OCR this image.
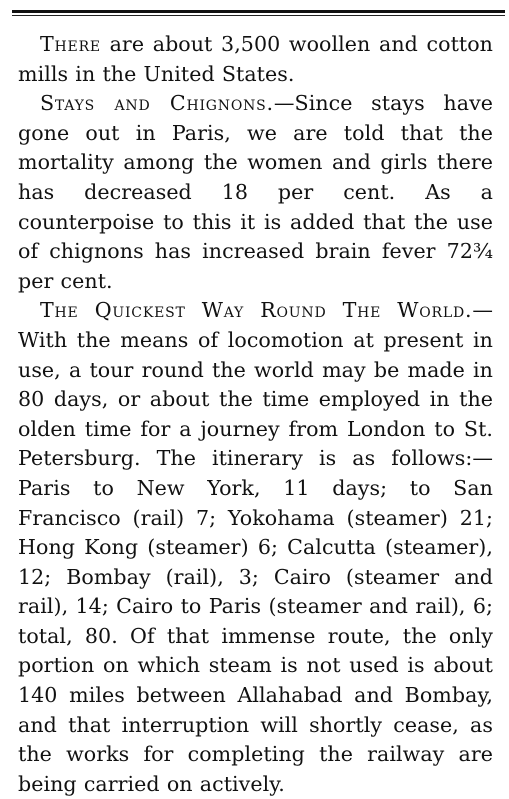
There are about 3,500 woollen and cotton mills in the United States.

Stays and Chignons.—Since stays have gone out in Paris, we are told that the mortality among the women and girls there has decreased 18 per cent. As a counterpoise to this it is added that the use of chignons has increased brain fever 72¾ per cent.

The Quickest Way Round The World.—With the means of locomotion at present in use, a tour round the world may be made in 80 days, or about the time employed in the olden time for a journey from London to St. Petersburg. The itinerary is as follows:—Paris to New York, 11 days; to San Francisco (rail) 7; Yokohama (steamer) 21; Hong Kong (steamer) 6; Calcutta (steamer), 12; Bombay (rail), 3; Cairo (steamer and rail), 14; Cairo to Paris (steamer and rail), 6; total, 80. Of that immense route, the only portion on which steam is not used is about 140 miles between Allahabad and Bombay, and that interruption will shortly cease, as the works for completing the railway are being carried on actively.
